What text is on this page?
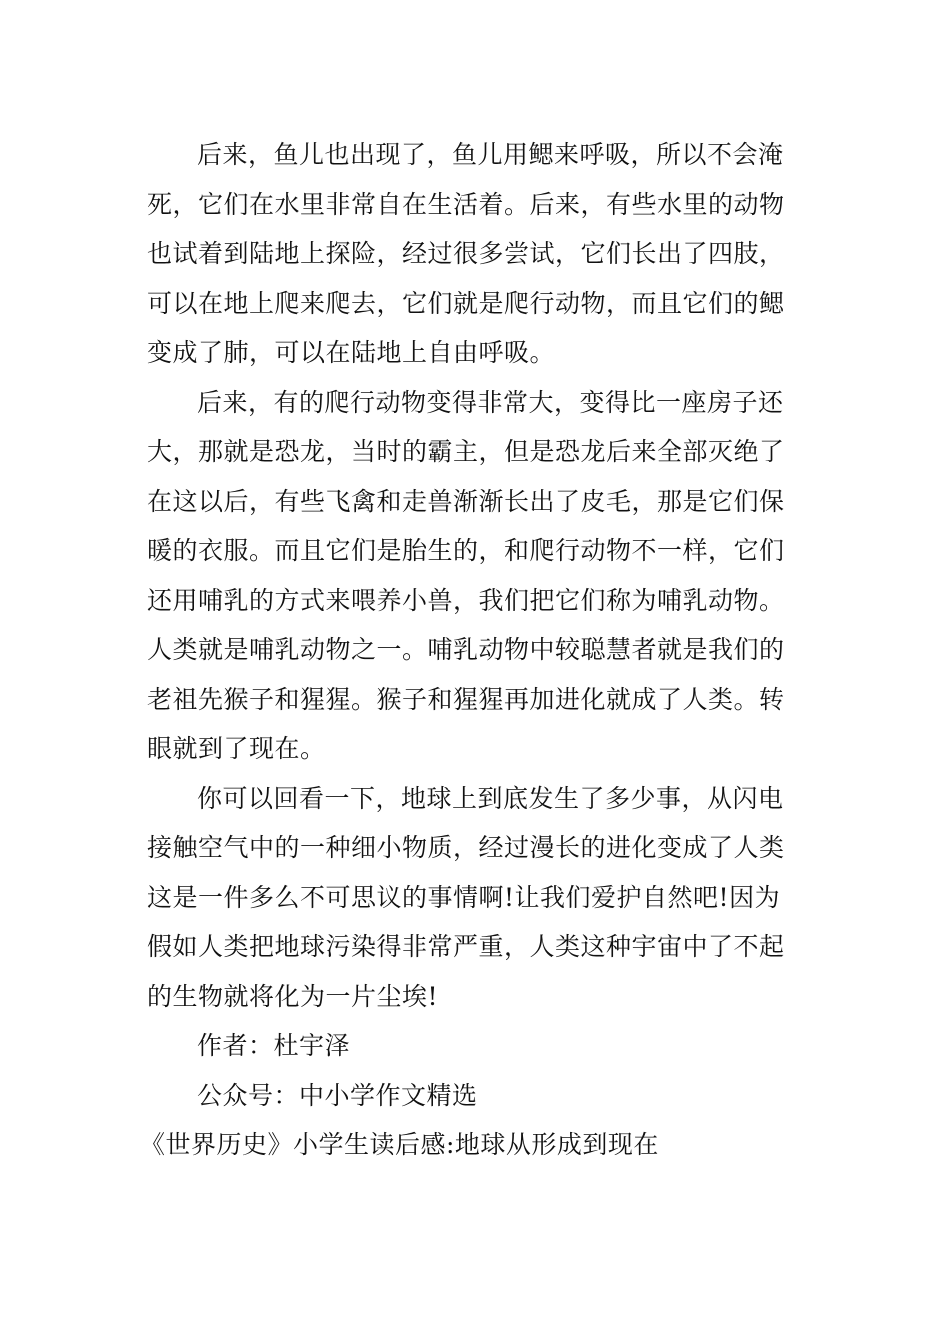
后来，鱼儿也出现了，鱼儿用鳃来呼吸，所以不会淹
死，它们在水里非常自在生活着。后来，有些水里的动物
也试着到陆地上探险，经过很多尝试，它们长出了四肢，
可以在地上爬来爬去，它们就是爬行动物，而且它们的鳃
变成了肺，可以在陆地上自由呼吸。

后来，有的爬行动物变得非常大，变得比一座房子还
大，那就是恐龙，当时的霸主，但是恐龙后来全部灭绝了
在这以后，有些飞禽和走兽渐渐长出了皮毛，那是它们保
暖的衣服。而且它们是胎生的，和爬行动物不一样，它们
还用哺乳的方式来喂养小兽，我们把它们称为哺乳动物。
人类就是哺乳动物之一。哺乳动物中较聪慧者就是我们的
老祖先猴子和猩猩。猴子和猩猩再加进化就成了人类。转
眼就到了现在。

你可以回看一下，地球上到底发生了多少事，从闪电
接触空气中的一种细小物质，经过漫长的进化变成了人类
这是一件多么不可思议的事情啊!让我们爱护自然吧!因为
假如人类把地球污染得非常严重，人类这种宇宙中了不起
的生物就将化为一片尘埃!

作者：杜宇泽

公众号：中小学作文精选

《世界历史》小学生读后感:地球从形成到现在
